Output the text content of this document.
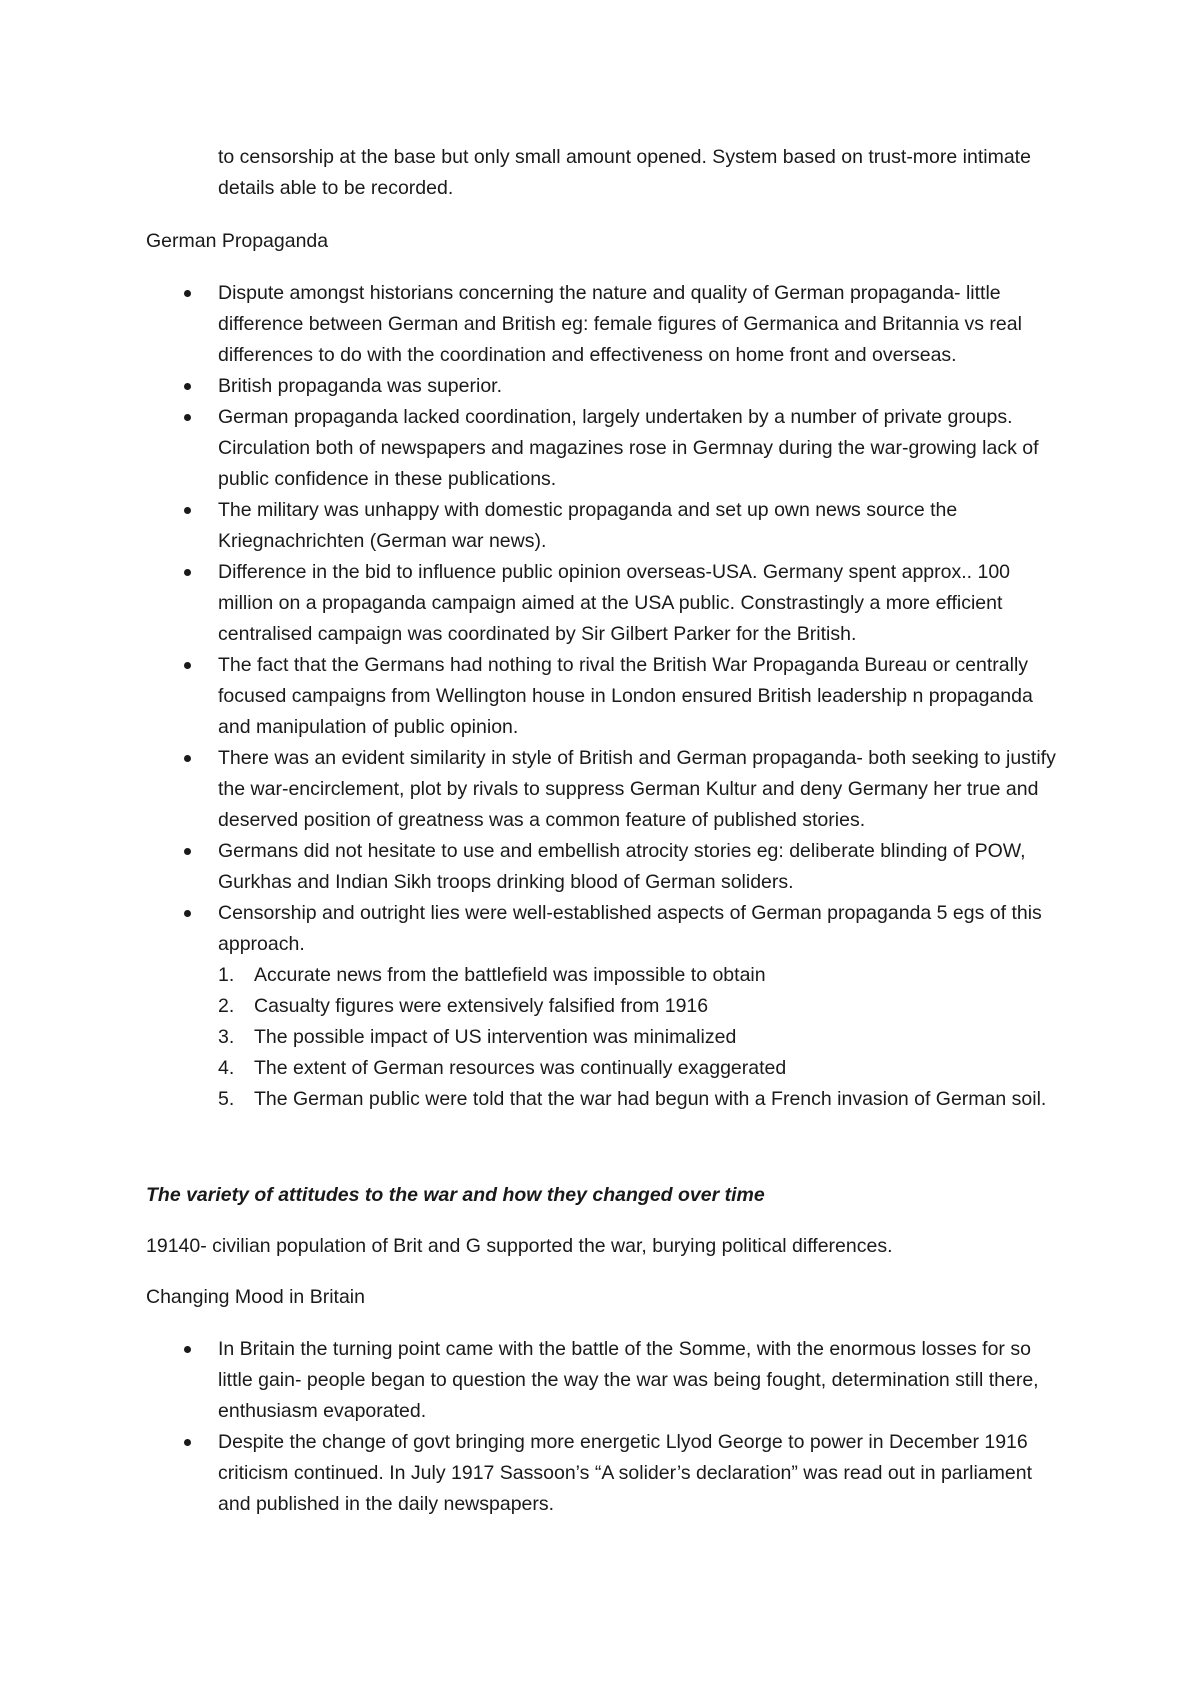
to censorship at the base but only small amount opened. System based on trust-more intimate details able to be recorded.

German Propaganda

Dispute amongst historians concerning the nature and quality of German propaganda- little difference between German and British eg: female figures of Germanica and Britannia vs real differences to do with the coordination and effectiveness on home front and overseas.
British propaganda was superior.
German propaganda lacked coordination, largely undertaken by a number of private groups. Circulation both of newspapers and magazines rose in Germnay during the war-growing lack of public confidence in these publications.
The military was unhappy with domestic propaganda and set up own news source the Kriegnachrichten (German war news).
Difference in the bid to influence public opinion overseas-USA. Germany spent approx.. 100 million on a propaganda campaign aimed at the USA public. Constrastingly a more efficient centralised campaign was coordinated by Sir Gilbert Parker for the British.
The fact that the Germans had nothing to rival the British War Propaganda Bureau or centrally focused campaigns from Wellington house in London ensured British leadership n propaganda and manipulation of public opinion.
There was an evident similarity in style of British and German propaganda- both seeking to justify the war-encirclement, plot by rivals to suppress German Kultur and deny Germany her true and deserved position of greatness was a common feature of published stories.
Germans did not hesitate to use and embellish atrocity stories eg: deliberate blinding of POW, Gurkhas and Indian Sikh troops drinking blood of German soliders.
Censorship and outright lies were well-established aspects of German propaganda 5 egs of this approach.
1. Accurate news from the battlefield was impossible to obtain
2. Casualty figures were extensively falsified from 1916
3. The possible impact of US intervention was minimalized
4. The extent of German resources was continually exaggerated
5. The German public were told that the war had begun with a French invasion of German soil.

The variety of attitudes to the war and how they changed over time

19140- civilian population of Brit and G supported the war, burying political differences.

Changing Mood in Britain

In Britain the turning point came with the battle of the Somme, with the enormous losses for so little gain- people began to question the way the war was being fought, determination still there, enthusiasm evaporated.
Despite the change of govt bringing more energetic Llyod George to power in December 1916 criticism continued. In July 1917 Sassoon’s “A solider’s declaration” was read out in parliament and published in the daily newspapers.
